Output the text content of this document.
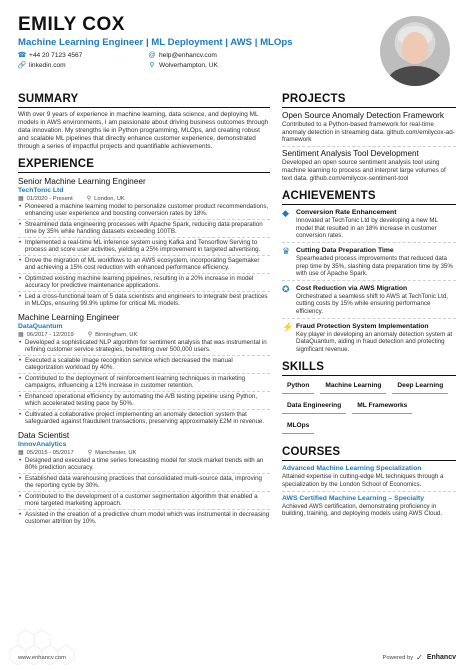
EMILY COX
Machine Learning Engineer | ML Deployment | AWS | MLOps
☎ +44 20 7123 4567	@ help@enhancv.com
🔗 linkedin.com	⚲ Wolverhampton, UK
SUMMARY
With over 9 years of experience in machine learning, data science, and deploying ML models in AWS environments, I am passionate about driving business outcomes through data innovation. My strengths lie in Python programming, MLOps, and creating robust and scalable ML pipelines that directly enhance customer experience, demonstrated through a series of impactful projects and quantifiable achievements.
EXPERIENCE
Senior Machine Learning Engineer
TechTonic Ltd
▦ 01/2020 - Present ⚲ London, UK
• Pioneered a machine learning model to personalize customer product recommendations, enhancing user experience and boosting conversion rates by 18%.
• Streamlined data engineering processes with Apache Spark, reducing data preparation time by 35% while handling datasets exceeding 100TB.
• Implemented a real-time ML inference system using Kafka and Tensorflow Serving to process and score user activities, yielding a 25% improvement in targeted advertising.
• Drove the migration of ML workflows to an AWS ecosystem, incorporating Sagemaker and achieving a 15% cost reduction with enhanced performance efficiency.
• Optimized existing machine learning pipelines, resulting in a 20% increase in model accuracy for predictive maintenance applications.
• Led a cross-functional team of 5 data scientists and engineers to integrate best practices in MLOps, ensuring 99.9% uptime for critical ML models.
Machine Learning Engineer
DataQuantum
▦ 06/2017 - 12/2019 ⚲ Birmingham, UK
• Developed a sophisticated NLP algorithm for sentiment analysis that was instrumental in refining customer service strategies, benefitting over 500,000 users.
• Executed a scalable image recognition service which decreased the manual categorization workload by 40%.
• Contributed to the deployment of reinforcement learning techniques in marketing campaigns, influencing a 12% increase in customer retention.
• Enhanced operational efficiency by automating the A/B testing pipeline using Python, which accelerated testing pace by 50%.
• Cultivated a collaborative project implementing an anomaly detection system that safeguarded against fraudulent transactions, preserving approximately £2M in revenue.
Data Scientist
InnovAnalytics
▦ 05/2015 - 05/2017 ⚲ Manchester, UK
• Designed and executed a time series forecasting model for stock market trends with an 80% prediction accuracy.
• Established data warehousing practices that consolidated multi-source data, improving the reporting cycle by 30%.
• Contributed to the development of a customer segmentation algorithm that enabled a more targeted marketing approach.
• Assisted in the creation of a predictive churn model which was instrumental in decreasing customer attrition by 10%.
PROJECTS
Open Source Anomaly Detection Framework
Contributed to a Python-based framework for real-time anomaly detection in streaming data. github.com/emilycox-ad-framework
Sentiment Analysis Tool Development
Developed an open source sentiment analysis tool using machine learning to process and interpret large volumes of text data. github.com/emilycox-sentiment-tool
ACHIEVEMENTS
◆	Conversion Rate Enhancement
Innovated at TechTonic Ltd by developing a new ML model that resulted in an 18% increase in customer conversion rates.
♛ Cutting Data Preparation Time
Spearheaded process improvements that reduced data prep time by 35%, slashing data preparation time by 35% with use of Apache Spark.
✪ Cost Reduction via AWS Migration
Orchestrated a seamless shift to AWS at TechTonic Ltd, cutting costs by 15% while ensuring performance efficiency.
⚡ Fraud Protection System Implementation
Key player in developing an anomaly detection system at DataQuantum, aiding in fraud detection and protecting significant revenue.
SKILLS
Python	Machine Learning	Deep Learning
Data Engineering	ML Frameworks
MLOps
COURSES
Advanced Machine Learning Specialization
Attained expertise in cutting-edge ML techniques through a specialization by the London School of Economics.
AWS Certified Machine Learning – Specialty
Achieved AWS certification, demonstrating proficiency in building, training, and deploying models using AWS Cloud.
www.enhancv.com	Powered by ✓ Enhancv
